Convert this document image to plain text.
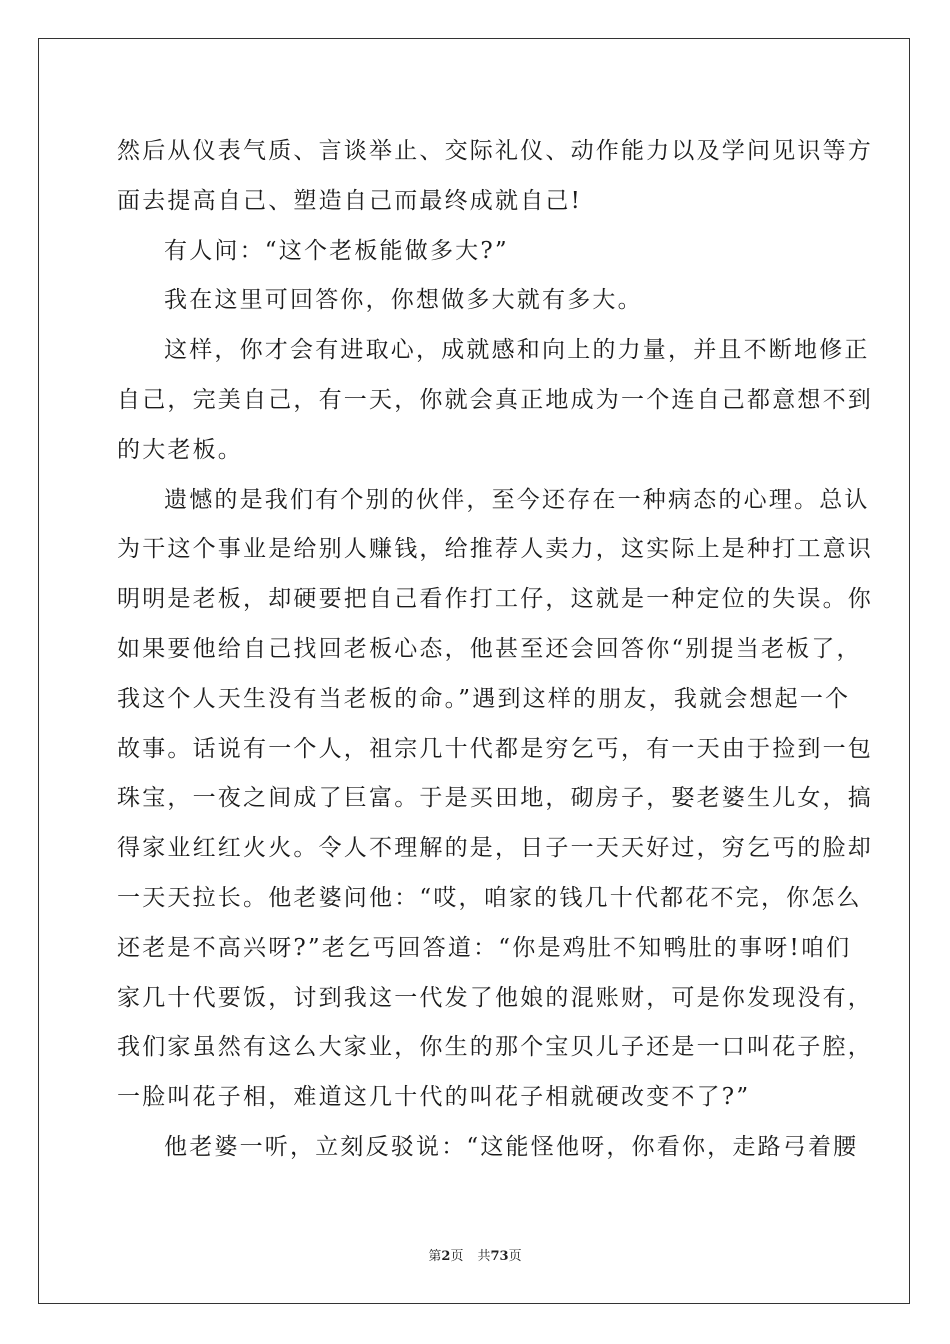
然后从仪表气质、言谈举止、交际礼仪、动作能力以及学问见识等方
面去提高自己、塑造自己而最终成就自己!
有人问：“这个老板能做多大?”
我在这里可回答你，你想做多大就有多大。
这样，你才会有进取心，成就感和向上的力量，并且不断地修正
自己，完美自己，有一天，你就会真正地成为一个连自己都意想不到
的大老板。
遗憾的是我们有个别的伙伴，至今还存在一种病态的心理。总认
为干这个事业是给别人赚钱，给推荐人卖力，这实际上是种打工意识
明明是老板，却硬要把自己看作打工仔，这就是一种定位的失误。你
如果要他给自己找回老板心态，他甚至还会回答你“别提当老板了，
我这个人天生没有当老板的命。”遇到这样的朋友，我就会想起一个
故事。话说有一个人，祖宗几十代都是穷乞丐，有一天由于捡到一包
珠宝，一夜之间成了巨富。于是买田地，砌房子，娶老婆生儿女，搞
得家业红红火火。令人不理解的是，日子一天天好过，穷乞丐的脸却
一天天拉长。他老婆问他：“哎，咱家的钱几十代都花不完，你怎么
还老是不高兴呀?”老乞丐回答道：“你是鸡肚不知鸭肚的事呀!咱们
家几十代要饭，讨到我这一代发了他娘的混账财，可是你发现没有，
我们家虽然有这么大家业，你生的那个宝贝儿子还是一口叫花子腔，
一脸叫花子相，难道这几十代的叫花子相就硬改变不了?”
他老婆一听，立刻反驳说：“这能怪他呀，你看你，走路弓着腰
第2页 共73页
